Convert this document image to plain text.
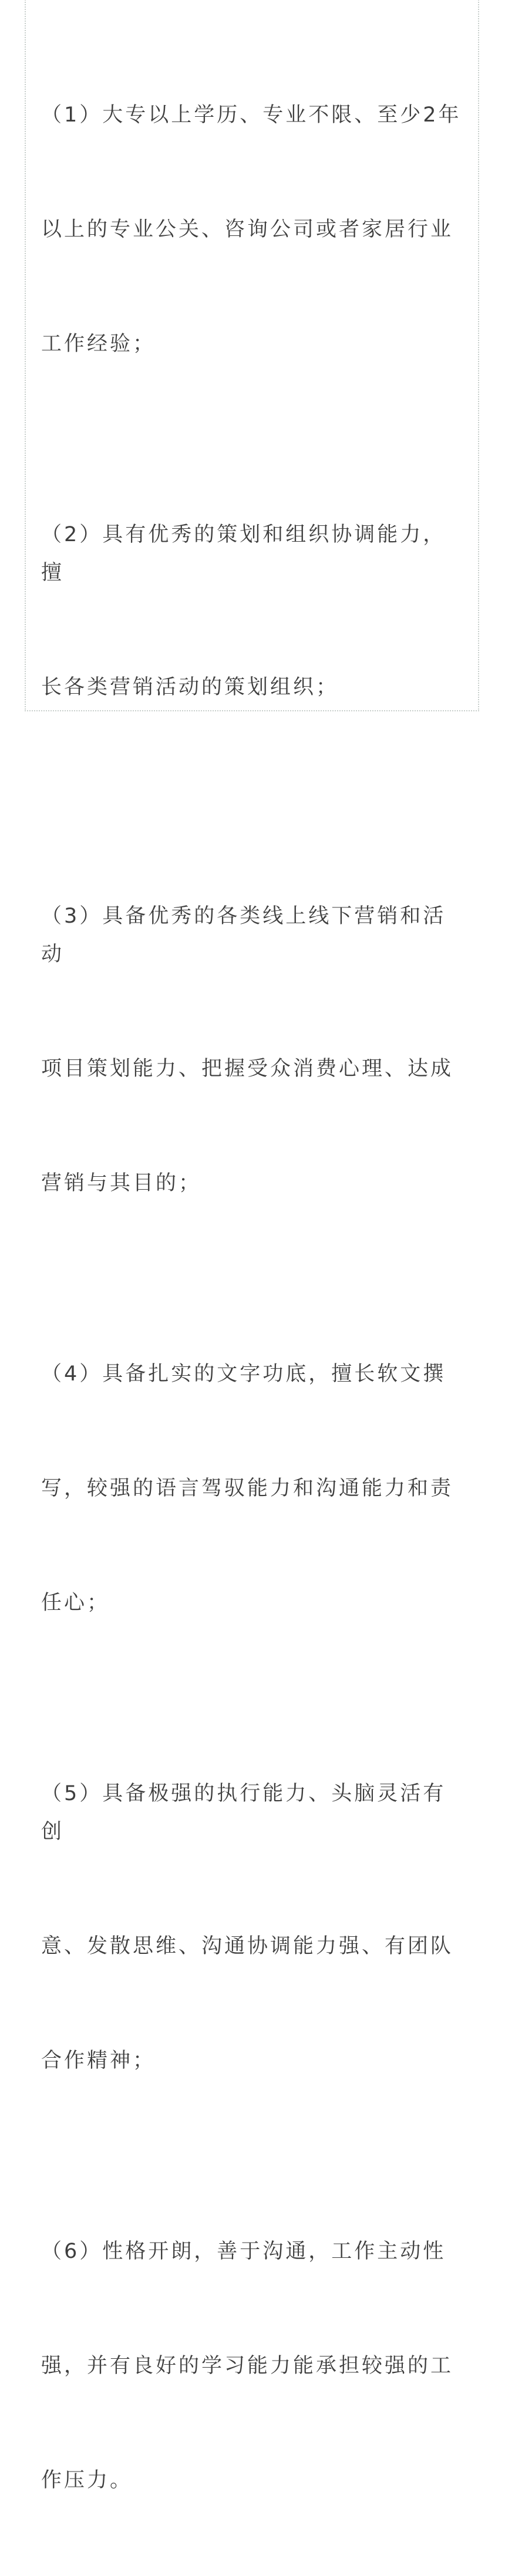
（1）大专以上学历、专业不限、至少2年

以上的专业公关、咨询公司或者家居行业

工作经验；

（2）具有优秀的策划和组织协调能力，擅

长各类营销活动的策划组织；

（3）具备优秀的各类线上线下营销和活动

项目策划能力、把握受众消费心理、达成

营销与其目的；

（4）具备扎实的文字功底，擅长软文撰

写，较强的语言驾驭能力和沟通能力和责

任心；

（5）具备极强的执行能力、头脑灵活有创

意、发散思维、沟通协调能力强、有团队

合作精神；

（6）性格开朗，善于沟通，工作主动性

强，并有良好的学习能力能承担较强的工

作压力。
